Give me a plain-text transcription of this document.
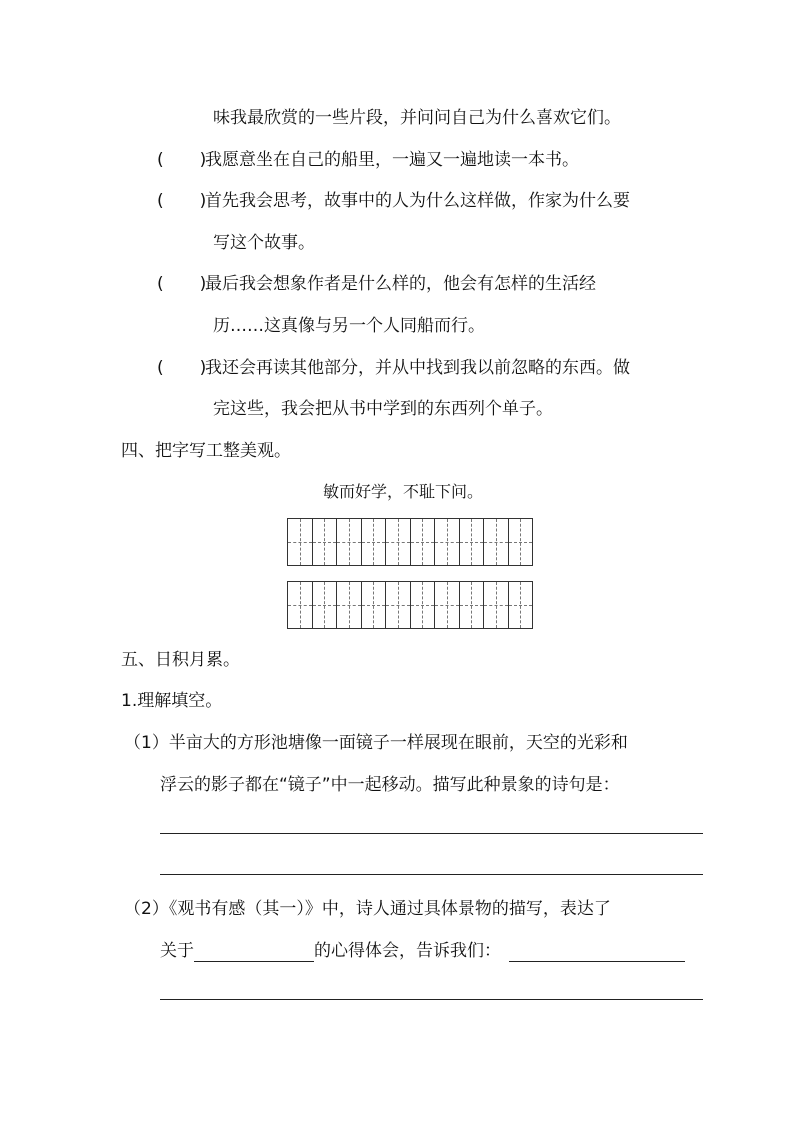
味我最欣赏的一些片段，并问问自己为什么喜欢它们。
( )我愿意坐在自己的船里，一遍又一遍地读一本书。
( )首先我会思考，故事中的人为什么这样做，作家为什么要
写这个故事。
( )最后我会想象作者是什么样的，他会有怎样的生活经
历……这真像与另一个人同船而行。
( )我还会再读其他部分，并从中找到我以前忽略的东西。做
完这些，我会把从书中学到的东西列个单子。
四、把字写工整美观。
敏而好学，不耻下问。
五、日积月累。
1.理解填空。
（1）半亩大的方形池塘像一面镜子一样展现在眼前，天空的光彩和
浮云的影子都在“镜子”中一起移动。描写此种景象的诗句是：
（2）《观书有感（其一）》中，诗人通过具体景物的描写，表达了
关于	的心得体会，告诉我们：
